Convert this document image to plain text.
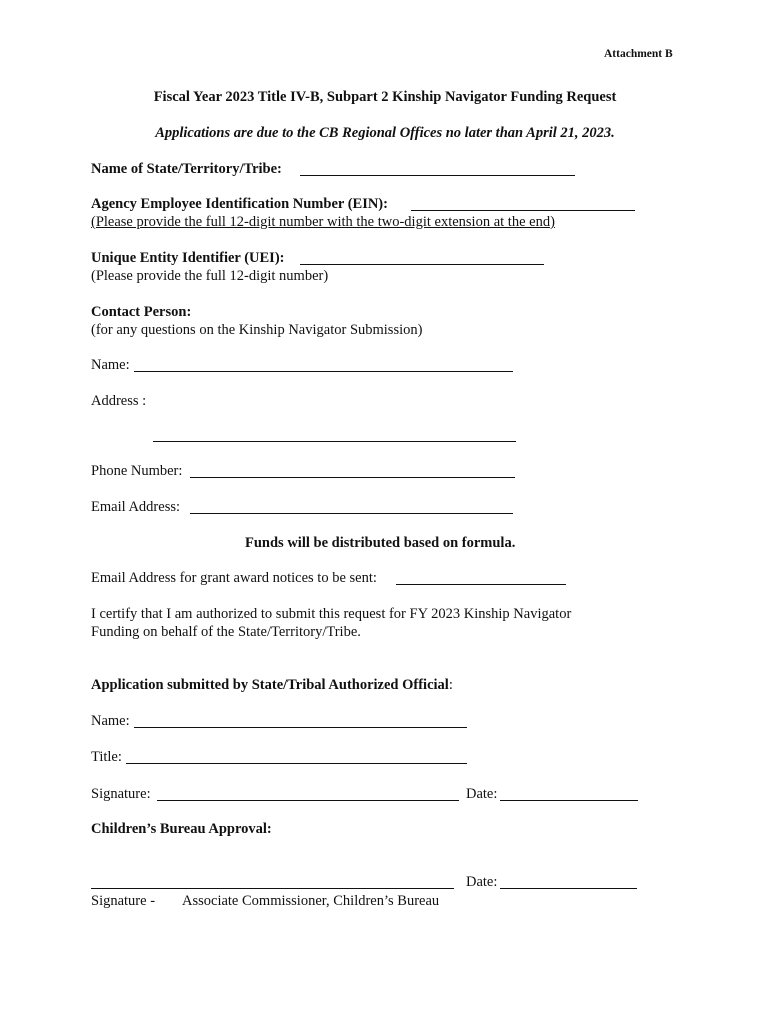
Attachment B
Fiscal Year 2023 Title IV-B, Subpart 2 Kinship Navigator Funding Request
Applications are due to the CB Regional Offices no later than April 21, 2023.
Name of State/Territory/Tribe:
Agency Employee Identification Number (EIN):
(Please provide the full 12-digit number with the two-digit extension at the end)
Unique Entity Identifier (UEI):
(Please provide the full 12-digit number)
Contact Person:
(for any questions on the Kinship Navigator Submission)
Name:
Address :
Phone Number:
Email Address:
Funds will be distributed based on formula.
Email Address for grant award notices to be sent:
I certify that I am authorized to submit this request for FY 2023 Kinship Navigator
Funding on behalf of the State/Territory/Tribe.
Application submitted by State/Tribal Authorized Official:
Name:
Title:
Signature:	Date:
Children’s Bureau Approval:
Date:
Signature - Associate Commissioner, Children’s Bureau
